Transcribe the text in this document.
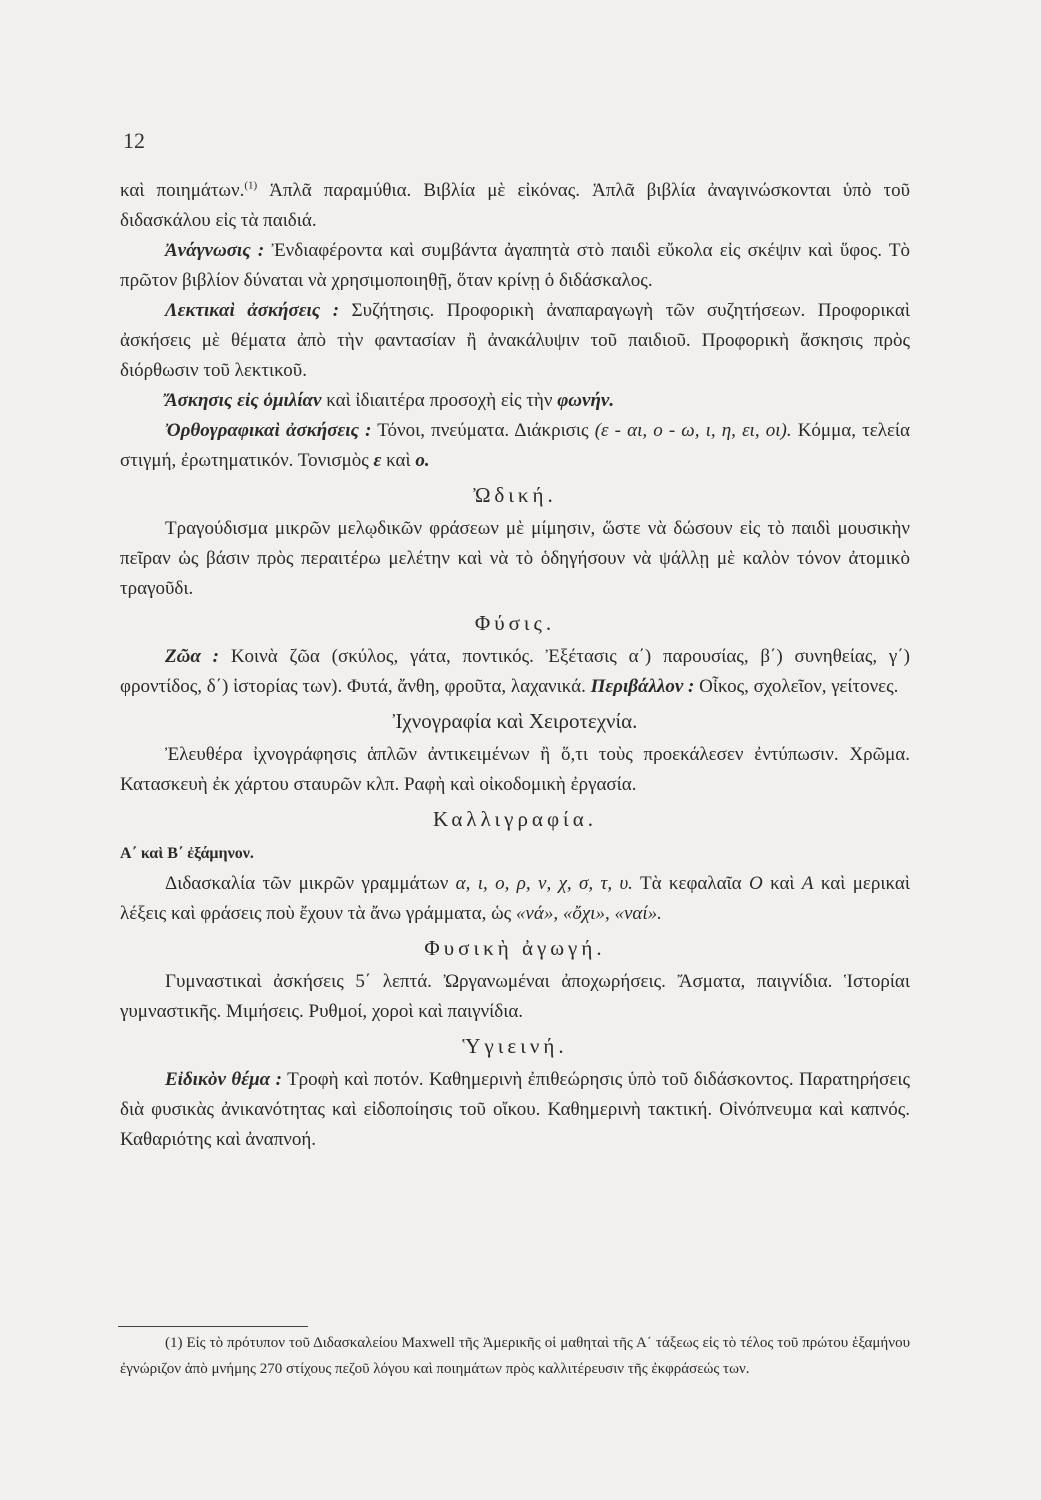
12

καὶ ποιημάτων.$^{(1)}$ Ἁπλᾶ παραμύθια. Βιβλία μὲ εἰκόνας. Ἁπλᾶ βιβλία ἀναγινώσκονται ὑπὸ τοῦ διδασκάλου εἰς τὰ παιδιά.

Ἀνάγνωσις : Ἐνδιαφέροντα καὶ συμβάντα ἀγαπητὰ στὸ παιδὶ εὔκολα εἰς σκέψιν καὶ ὕφος. Τὸ πρῶτον βιβλίον δύναται νὰ χρησιμοποιηθῇ, ὅταν κρίνῃ ὁ διδάσκαλος.

Λεκτικαὶ ἀσκήσεις : Συζήτησις. Προφορικὴ ἀναπαραγωγὴ τῶν συζητήσεων. Προφορικαὶ ἀσκήσεις μὲ θέματα ἀπὸ τὴν φαντασίαν ἢ ἀνακάλυψιν τοῦ παιδιοῦ. Προφορικὴ ἄσκησις πρὸς διόρθωσιν τοῦ λεκτικοῦ.

Ἄσκησις εἰς ὁμιλίαν καὶ ἰδιαιτέρα προσοχὴ εἰς τὴν φωνήν.

Ὀρθογραφικαὶ ἀσκήσεις : Τόνοι, πνεύματα. Διάκρισις (ε - αι, ο - ω, ι, η, ει, οι). Κόμμα, τελεία στιγμή, ἐρωτηματικόν. Τονισμὸς ε καὶ ο.

Ὠδική.

Τραγούδισμα μικρῶν μελῳδικῶν φράσεων μὲ μίμησιν, ὥστε νὰ δώσουν εἰς τὸ παιδὶ μουσικὴν πεῖραν ὡς βάσιν πρὸς περαιτέρω μελέτην καὶ νὰ τὸ ὁδηγήσουν νὰ ψάλλῃ μὲ καλὸν τόνον ἀτομικὸ τραγοῦδι.

Φύσις.

Ζῶα : Κοινὰ ζῶα (σκύλος, γάτα, ποντικός. Ἐξέτασις α΄) παρουσίας, β΄) συνηθείας, γ΄) φροντίδος, δ΄) ἱστορίας των). Φυτά, ἄνθη, φροῦτα, λαχανικά. Περιβάλλον : Οἶκος, σχολεῖον, γείτονες.

Ἰχνογραφία καὶ Χειροτεχνία.

Ἐλευθέρα ἰχνογράφησις ἁπλῶν ἀντικειμένων ἢ ὅ,τι τοὺς προεκάλεσεν ἐντύπωσιν. Χρῶμα. Κατασκευὴ ἐκ χάρτου σταυρῶν κλπ. Ραφὴ καὶ οἰκοδομικὴ ἐργασία.

Καλλιγραφία.

Α΄ καὶ Β΄ ἐξάμηνον.

Διδασκαλία τῶν μικρῶν γραμμάτων α, ι, ο, ρ, ν, χ, σ, τ, υ. Τὰ κεφαλαῖα Ο καὶ Α καὶ μερικαὶ λέξεις καὶ φράσεις ποὺ ἔχουν τὰ ἄνω γράμματα, ὡς «νά», «ὄχι», «ναί».

Φυσικὴ ἀγωγή.

Γυμναστικαὶ ἀσκήσεις 5΄ λεπτά. Ὠργανωμέναι ἀποχωρήσεις. Ἄσματα, παιγνίδια. Ἱστορίαι γυμναστικῆς. Μιμήσεις. Ρυθμοί, χοροὶ καὶ παιγνίδια.

Ὑγιεινή.

Εἰδικὸν θέμα : Τροφὴ καὶ ποτόν. Καθημερινὴ ἐπιθεώρησις ὑπὸ τοῦ διδάσκοντος. Παρατηρήσεις διὰ φυσικὰς ἀνικανότητας καὶ εἰδοποίησις τοῦ οἴκου. Καθημερινὴ τακτική. Οἰνόπνευμα καὶ καπνός. Καθαριότης καὶ ἀναπνοή.

(1) Εἰς τὸ πρότυπον τοῦ Διδασκαλείου Maxwell τῆς Ἀμερικῆς οἱ μαθηταὶ τῆς Α΄ τάξεως εἰς τὸ τέλος τοῦ πρώτου ἑξαμήνου ἐγνώριζον ἀπὸ μνήμης 270 στίχους πεζοῦ λόγου καὶ ποιημάτων πρὸς καλλιτέρευσιν τῆς ἐκφράσεώς των.
